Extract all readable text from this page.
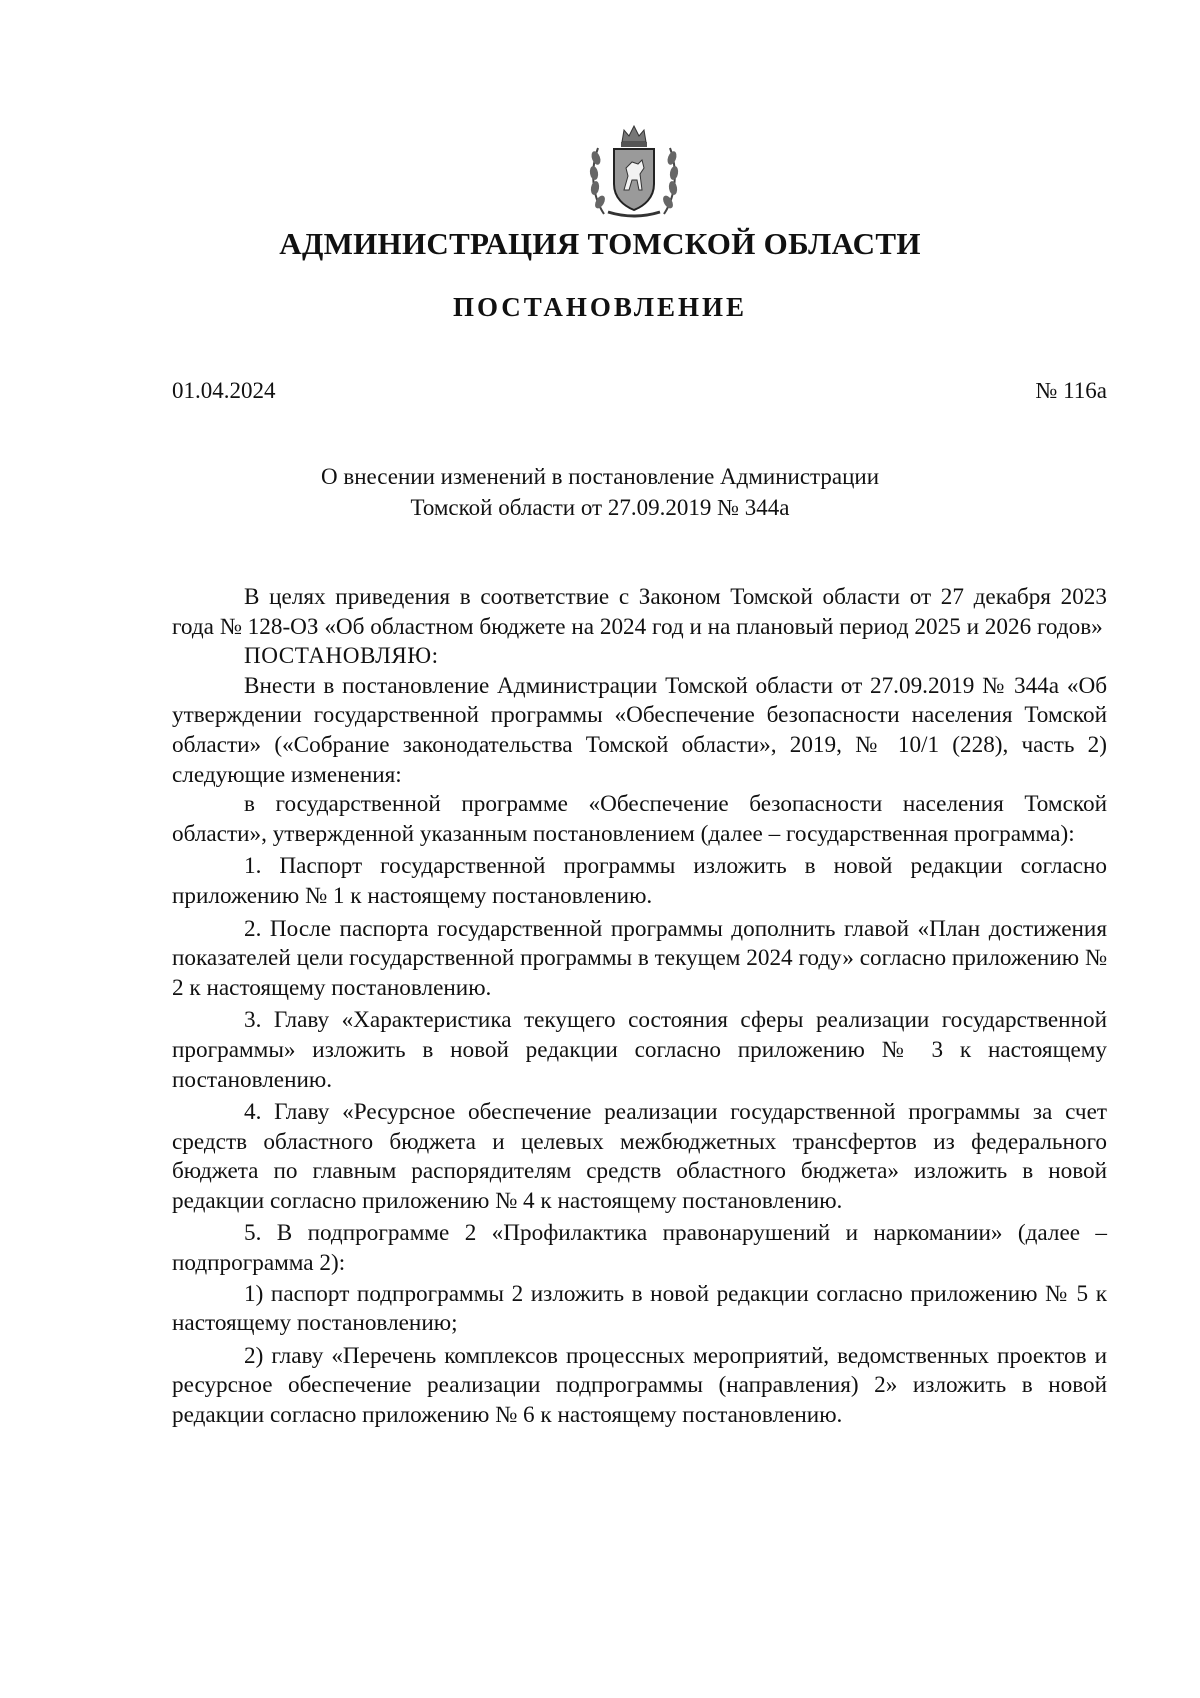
АДМИНИСТРАЦИЯ ТОМСКОЙ ОБЛАСТИ
ПОСТАНОВЛЕНИЕ
01.04.2024	№ 116а
О внесении изменений в постановление Администрации
Томской области от 27.09.2019 № 344а

В целях приведения в соответствие с Законом Томской области от 27 декабря 2023 года № 128-ОЗ «Об областном бюджете на 2024 год и на плановый период 2025 и 2026 годов»

ПОСТАНОВЛЯЮ:

Внести в постановление Администрации Томской области от 27.09.2019 № 344а «Об утверждении государственной программы «Обеспечение безопасности населения Томской области» («Собрание законодательства Томской области», 2019, № 10/1 (228), часть 2) следующие изменения:

в государственной программе «Обеспечение безопасности населения Томской области», утвержденной указанным постановлением (далее – государственная программа):

1. Паспорт государственной программы изложить в новой редакции согласно приложению № 1 к настоящему постановлению.

2. После паспорта государственной программы дополнить главой «План достижения показателей цели государственной программы в текущем 2024 году» согласно приложению № 2 к настоящему постановлению.

3. Главу «Характеристика текущего состояния сферы реализации государственной программы» изложить в новой редакции согласно приложению № 3 к настоящему постановлению.

4. Главу «Ресурсное обеспечение реализации государственной программы за счет средств областного бюджета и целевых межбюджетных трансфертов из федерального бюджета по главным распорядителям средств областного бюджета» изложить в новой редакции согласно приложению № 4 к настоящему постановлению.

5. В подпрограмме 2 «Профилактика правонарушений и наркомании» (далее – подпрограмма 2):

1) паспорт подпрограммы 2 изложить в новой редакции согласно приложению № 5 к настоящему постановлению;

2) главу «Перечень комплексов процессных мероприятий, ведомственных проектов и ресурсное обеспечение реализации подпрограммы (направления) 2» изложить в новой редакции согласно приложению № 6 к настоящему постановлению.
